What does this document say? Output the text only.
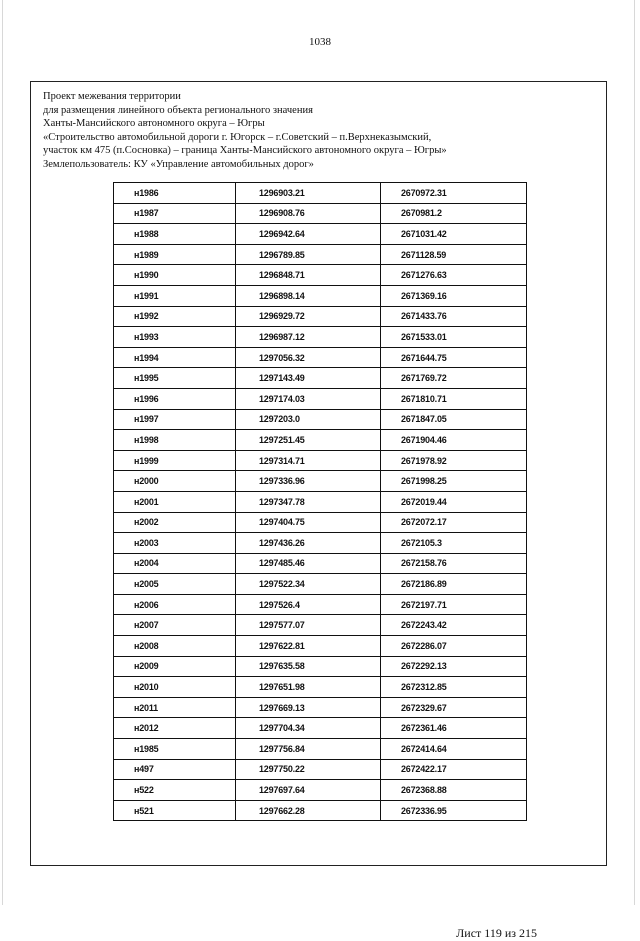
1038
Проект межевания территории
для размещения линейного объекта регионального значения
Ханты-Мансийского автономного округа – Югры
«Строительство автомобильной дороги г. Югорск – г.Советский – п.Верхнеказымский,
участок км 475 (п.Сосновка) – граница Ханты-Мансийского автономного округа – Югры»
Землепользователь: КУ «Управление автомобильных дорог»
н1986	1296903.21	2670972.31
н1987	1296908.76	2670981.2
н1988	1296942.64	2671031.42
н1989	1296789.85	2671128.59
н1990	1296848.71	2671276.63
н1991	1296898.14	2671369.16
н1992	1296929.72	2671433.76
н1993	1296987.12	2671533.01
н1994	1297056.32	2671644.75
н1995	1297143.49	2671769.72
н1996	1297174.03	2671810.71
н1997	1297203.0	2671847.05
н1998	1297251.45	2671904.46
н1999	1297314.71	2671978.92
н2000	1297336.96	2671998.25
н2001	1297347.78	2672019.44
н2002	1297404.75	2672072.17
н2003	1297436.26	2672105.3
н2004	1297485.46	2672158.76
н2005	1297522.34	2672186.89
н2006	1297526.4	2672197.71
н2007	1297577.07	2672243.42
н2008	1297622.81	2672286.07
н2009	1297635.58	2672292.13
н2010	1297651.98	2672312.85
н2011	1297669.13	2672329.67
н2012	1297704.34	2672361.46
н1985	1297756.84	2672414.64
н497	1297750.22	2672422.17
н522	1297697.64	2672368.88
н521	1297662.28	2672336.95
Лист 119 из 215
